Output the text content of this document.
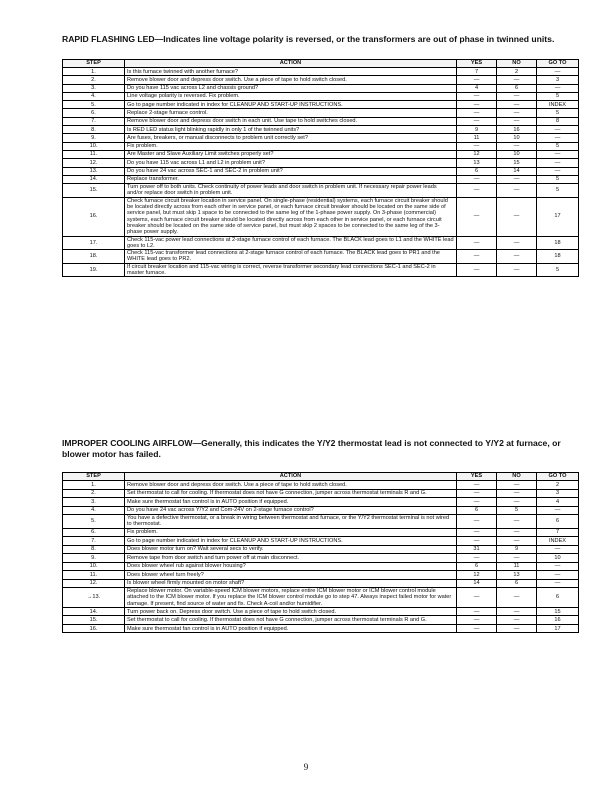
RAPID FLASHING LED—Indicates line voltage polarity is reversed, or the transformers are out of phase in twinned units.

STEP	ACTION	YES	NO	GO TO
1.	Is this furnace twinned with another furnace?	7	2	—
2.	Remove blower door and depress door switch. Use a piece of tape to hold switch closed.	—	—	3
3.	Do you have 115 vac across L2 and chassis ground?	4	6	—
4.	Line voltage polarity is reversed. Fix problem.	—	—	5
5.	Go to page number indicated in index for CLEANUP AND START-UP INSTRUCTIONS.	—	—	INDEX
6.	Replace 2-stage furnace control.	—	—	5
7.	Remove blower door and depress door switch in each unit. Use tape to hold switches closed.	—	—	8
8.	Is RED LED status light blinking rapidly in only 1 of the twinned units?	9	16	—
9.	Are fuses, breakers, or manual disconnects to problem unit correctly set?	11	10	—
10.	Fix problem.	—	—	5
11.	Are Master and Slave Auxiliary Limit switches properly set?	12	10	—
12.	Do you have 115 vac across L1 and L2 in problem unit?	13	15	—
13.	Do you have 24 vac across SEC-1 and SEC-2 in problem unit?	6	14	—
14.	Replace transformer.	—	—	5
15.	Turn power off to both units. Check continuity of power leads and door switch in problem unit. If necessary repair power leads and/or replace door switch in problem unit.	—	—	5
16.	Check furnace circuit breaker location in service panel. On single-phase (residential) systems, each furnace circuit breaker should be located directly across from each other in service panel, or each furnace circuit breaker should be located on the same side of service panel, but must skip 1 space to be connected to the same leg of the 1-phase power supply. On 3-phase (commercial) systems, each furnace circuit breaker should be located directly across from each other in service panel, or each furnace circuit breaker should be located on the same side of service panel, but must skip 2 spaces to be connected to the same leg of the 3-phase power supply.	—	—	17
17.	Check 115-vac power lead connections at 2-stage furnace control of each furnace. The BLACK lead goes to L1 and the WHITE lead goes to L2.	—	—	18
18.	Check 115-vac transformer lead connections at 2-stage furnace control of each furnace. The BLACK lead goes to PR1 and the WHITE lead goes to PR2.	—	—	18
19.	If circuit breaker location and 115-vac wiring is correct, reverse transformer secondary lead connections SEC-1 and SEC-2 in master furnace.	—	—	5

IMPROPER COOLING AIRFLOW—Generally, this indicates the Y/Y2 thermostat lead is not connected to Y/Y2 at furnace, or blower motor has failed.

STEP	ACTION	YES	NO	GO TO
1.	Remove blower door and depress door switch. Use a piece of tape to hold switch closed.	—	—	2
2.	Set thermostat to call for cooling. If thermostat does not have G connection, jumper across thermostat terminals R and G.	—	—	3
3.	Make sure thermostat fan control is in AUTO position if equipped.	—	—	4
4.	Do you have 24 vac across Y/Y2 and Com-24V on 2-stage furnace control?	6	5	—
5.	You have a defective thermostat, or a break in wiring between thermostat and furnace, or the Y/Y2 thermostat terminal is not wired to thermostat.	—	—	6
6.	Fix problem.	—	—	7
7.	Go to page number indicated in index for CLEANUP AND START-UP INSTRUCTIONS.	—	—	INDEX
8.	Does blower motor turn on? Wait several secs to verify.	31	9	—
9.	Remove tape from door switch and turn power off at main disconnect.	—	—	10
10.	Does blower wheel rub against blower housing?	6	11	—
11.	Does blower wheel turn freely?	12	13	—
12.	Is blower wheel firmly mounted on motor shaft?	14	6	—
→13.	Replace blower motor. On variable-speed ICM blower motors, replace entire ICM blower motor or ICM blower control module attached to the ICM blower motor. If you replace the ICM blower control module go to step 47. Always inspect failed motor for water damage. If present, find source of water and fix. Check A-coil and/or humidifier.	—	—	6
14.	Turn power back on. Depress door switch. Use a piece of tape to hold switch closed.	—	—	15
15.	Set thermostat to call for cooling. If thermostat does not have G connection, jumper across thermostat terminals R and G.	—	—	16
16.	Make sure thermostat fan control is in AUTO position if equipped.	—	—	17
9
